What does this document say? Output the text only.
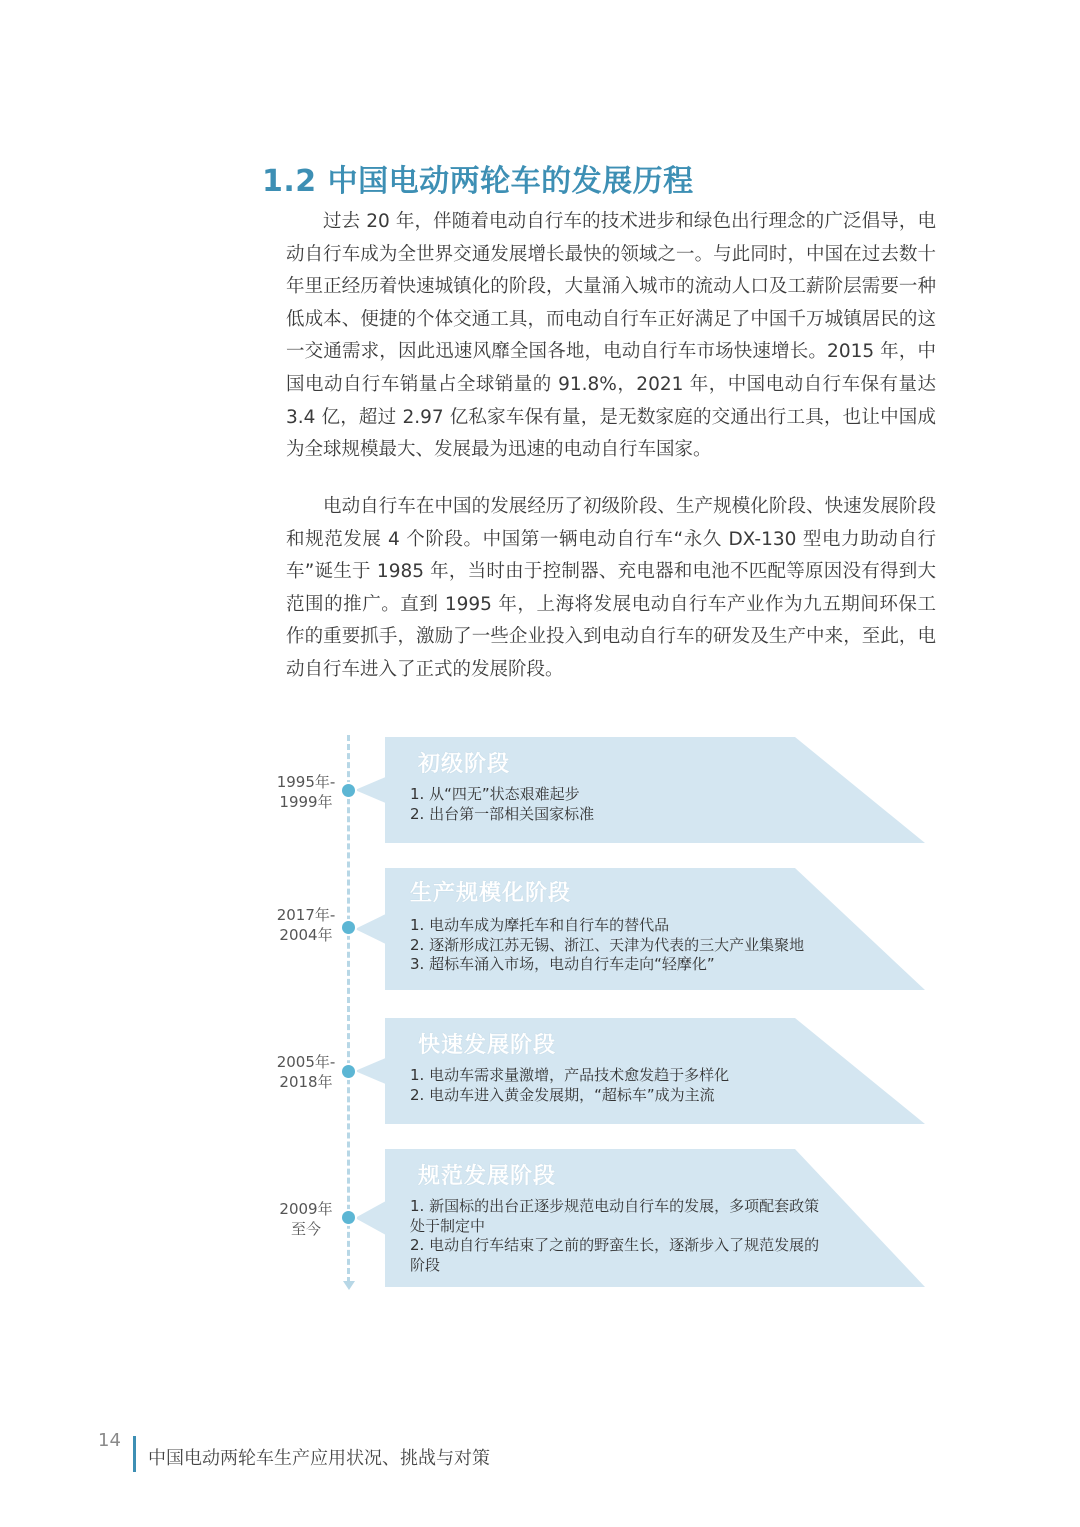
1.2 中国电动两轮车的发展历程

过去 20 年，伴随着电动自行车的技术进步和绿色出行理念的广泛倡导，电动自行车成为全世界交通发展增长最快的领域之一。与此同时，中国在过去数十年里正经历着快速城镇化的阶段，大量涌入城市的流动人口及工薪阶层需要一种低成本、便捷的个体交通工具，而电动自行车正好满足了中国千万城镇居民的这一交通需求，因此迅速风靡全国各地，电动自行车市场快速增长。2015 年，中国电动自行车销量占全球销量的 91.8%，2021 年，中国电动自行车保有量达 3.4 亿，超过 2.97 亿私家车保有量，是无数家庭的交通出行工具，也让中国成为全球规模最大、发展最为迅速的电动自行车国家。

电动自行车在中国的发展经历了初级阶段、生产规模化阶段、快速发展阶段和规范发展 4 个阶段。中国第一辆电动自行车“永久 DX-130 型电力助动自行车”诞生于 1985 年，当时由于控制器、充电器和电池不匹配等原因没有得到大范围的推广。直到 1995 年，上海将发展电动自行车产业作为九五期间环保工作的重要抓手，激励了一些企业投入到电动自行车的研发及生产中来，至此，电动自行车进入了正式的发展阶段。

1995年-
1999年
初级阶段
1. 从“四无”状态艰难起步
2. 出台第一部相关国家标准
2017年-
2004年
生产规模化阶段
1. 电动车成为摩托车和自行车的替代品
2. 逐渐形成江苏无锡、浙江、天津为代表的三大产业集聚地
3. 超标车涌入市场，电动自行车走向“轻摩化”
2005年-
2018年
快速发展阶段
1. 电动车需求量激增，产品技术愈发趋于多样化
2. 电动车进入黄金发展期，“超标车”成为主流
2009年
至今
规范发展阶段
1. 新国标的出台正逐步规范电动自行车的发展，多项配套政策处于制定中
2. 电动自行车结束了之前的野蛮生长，逐渐步入了规范发展的阶段
14
中国电动两轮车生产应用状况、挑战与对策
